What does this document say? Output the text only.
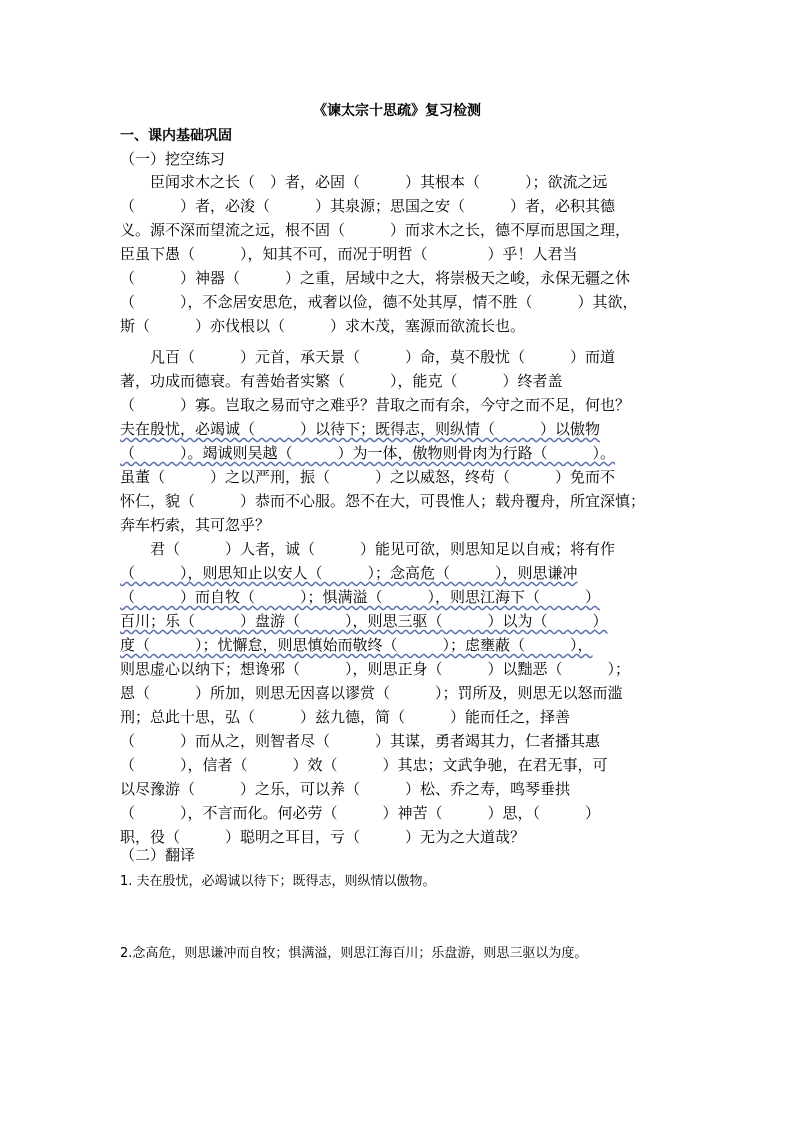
《谏太宗十思疏》复习检测
一、课内基础巩固
（一）挖空练习
　　臣闻求木之长（　）者，必固（　　　）其根本（　　　）；欲流之远
（　　　）者，必浚（　　　）其泉源；思国之安（　　　）者，必积其德
义。源不深而望流之远，根不固（　　　）而求木之长，德不厚而思国之理，
臣虽下愚（　　　），知其不可，而况于明哲（　　　　）乎！人君当
（　　　）神器（　　　）之重，居域中之大，将崇极天之峻，永保无疆之休
（　　　），不念居安思危，戒奢以俭，德不处其厚，情不胜（　　　）其欲，
斯（　　　）亦伐根以（　　　）求木茂，塞源而欲流长也。
　　凡百（　　　）元首，承天景（　　　）命，莫不殷忧（　　　）而道
著，功成而德衰。有善始者实繁（　　　），能克（　　　）终者盖
（　　　）寡。岂取之易而守之难乎？昔取之而有余，今守之而不足，何也？
夫在殷忧，必竭诚（　　　）以待下；既得志，则纵情（　　　）以傲物
（　　　）。竭诚则吴越（　　　）为一体，傲物则骨肉为行路（　　　）。
虽董（　　　）之以严刑，振（　　　）之以威怒，终苟（　　　）免而不
怀仁，貌（　　　）恭而不心服。怨不在大，可畏惟人；载舟覆舟，所宜深慎；
奔车朽索，其可忽乎？
　　君（　　　）人者，诚（　　　）能见可欲，则思知足以自戒；将有作
（　　　），则思知止以安人（　　　）；念高危（　　　），则思谦冲
（　　　）而自牧（　　　）；惧满溢（　　　），则思江海下（　　　）
百川；乐（　　　）盘游（　　　），则思三驱（　　　）以为（　　　）
度（　　　）；忧懈怠，则思慎始而敬终（　　　）；虑壅蔽（　　　），
则思虚心以纳下；想谗邪（　　　），则思正身（　　　）以黜恶（　　　）；
恩（　　　）所加，则思无因喜以谬赏（　　　）；罚所及，则思无以怒而滥
刑；总此十思，弘（　　　）兹九德，简（　　　）能而任之，择善
（　　　）而从之，则智者尽（　　　）其谋，勇者竭其力，仁者播其惠
（　　　），信者（　　　）效（　　　）其忠；文武争驰，在君无事，可
以尽豫游（　　　）之乐，可以养（　　　）松、乔之寿，鸣琴垂拱
（　　　），不言而化。何必劳（　　　）神苦（　　　）思，（　　　）
职，役（　　　）聪明之耳目，亏（　　　）无为之大道哉？
（二）翻译
1. 夫在殷忧，必竭诚以待下；既得志，则纵情以傲物。
2.念高危，则思谦冲而自牧；惧满溢，则思江海百川；乐盘游，则思三驱以为度。
